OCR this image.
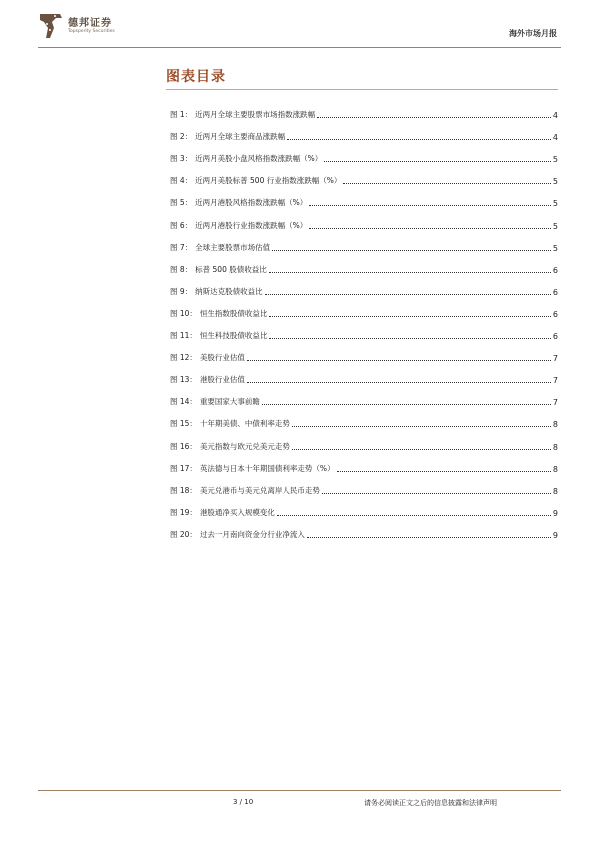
德邦证券
Topsperity Securities	海外市场月报
图表目录
图 1： 近两月全球主要股票市场指数涨跌幅	4
图 2： 近两月全球主要商品涨跌幅	4
图 3： 近两月美股小盘风格指数涨跌幅（%）	5
图 4： 近两月美股标普 500 行业指数涨跌幅（%）	5
图 5： 近两月港股风格指数涨跌幅（%）	5
图 6： 近两月港股行业指数涨跌幅（%）	5
图 7： 全球主要股票市场估值	5
图 8： 标普 500 股债收益比	6
图 9： 纳斯达克股债收益比	6
图 10： 恒生指数股债收益比	6
图 11： 恒生科技股债收益比	6
图 12： 美股行业估值	7
图 13： 港股行业估值	7
图 14： 重要国家大事前瞻	7
图 15： 十年期美债、中债利率走势	8
图 16： 美元指数与欧元兑美元走势	8
图 17： 英法德与日本十年期国债利率走势（%）	8
图 18： 美元兑港币与美元兑离岸人民币走势	8
图 19： 港股通净买入规模变化	9
图 20： 过去一月南向资金分行业净流入	9
3 / 10	请务必阅读正文之后的信息披露和法律声明
